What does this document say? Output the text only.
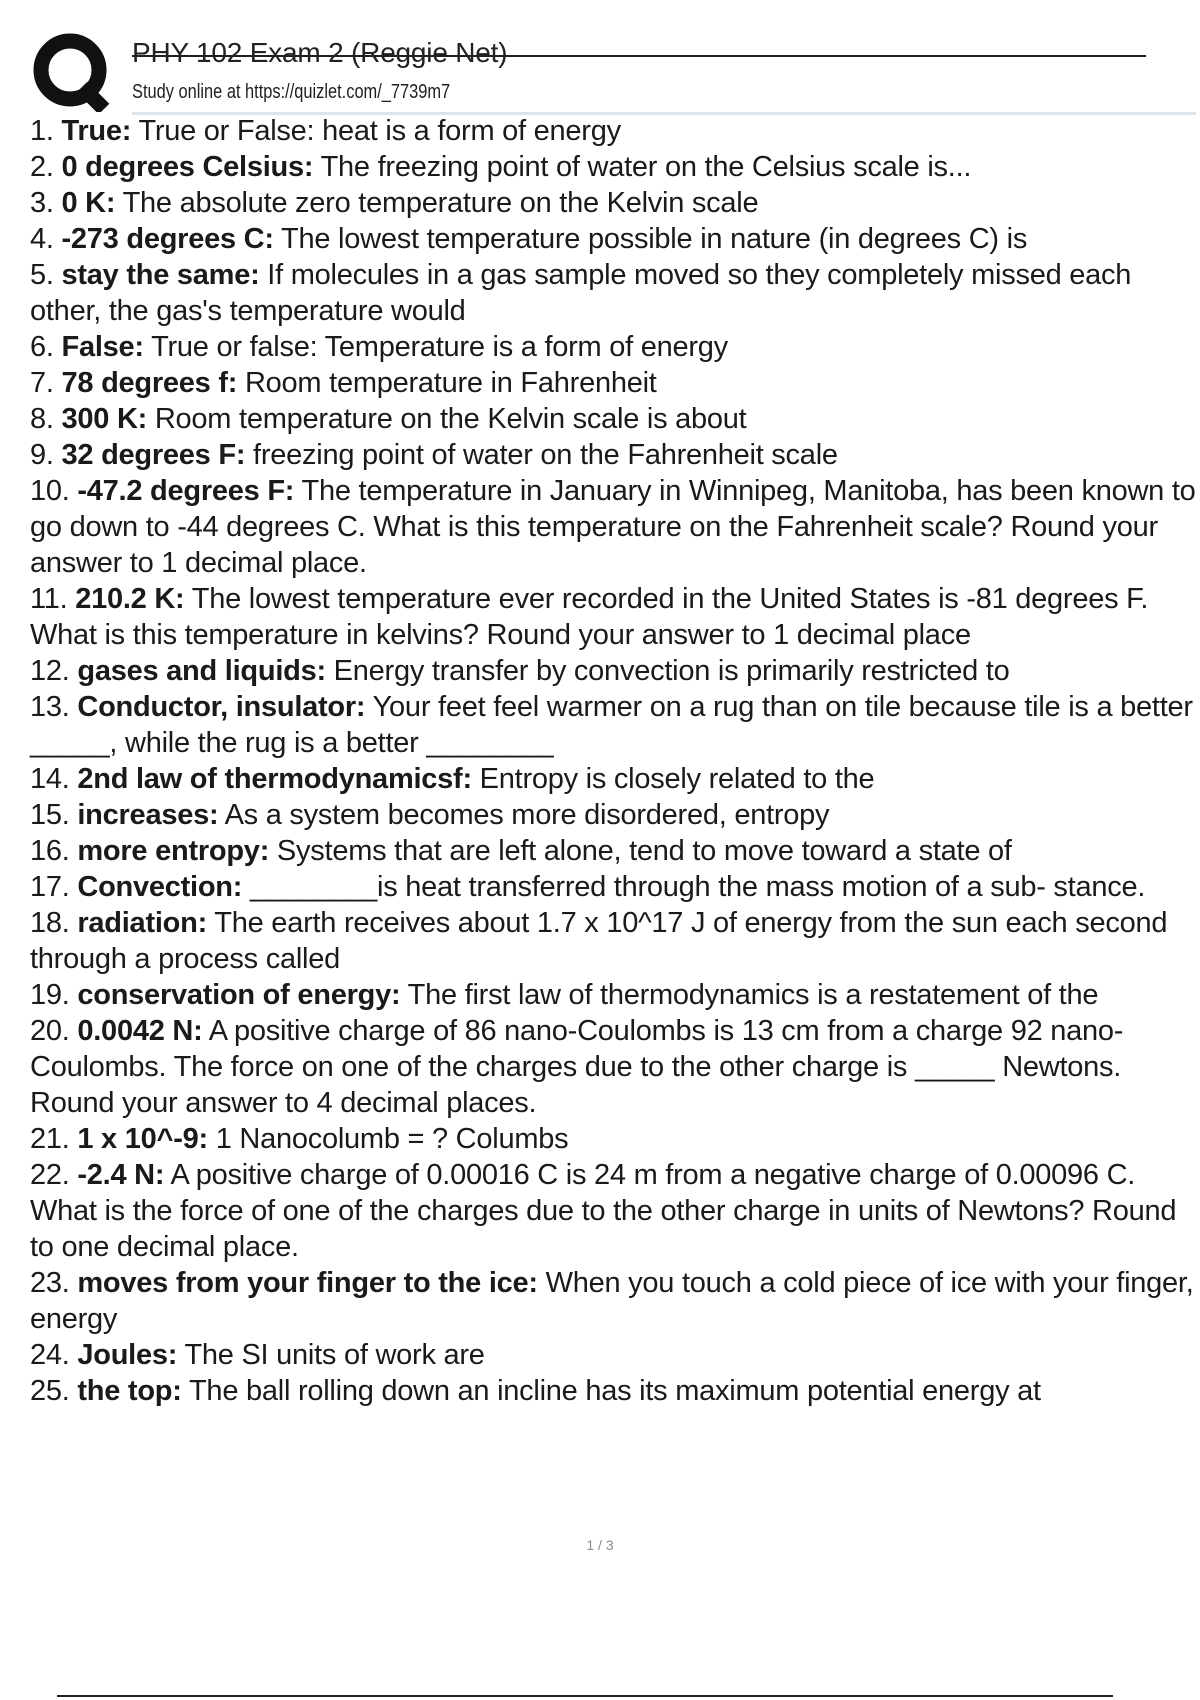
PHY 102 Exam 2 (Reggie Net)
Study online at https://quizlet.com/_7739m7
1. True: True or False: heat is a form of energy
2. 0 degrees Celsius: The freezing point of water on the Celsius scale is...
3. 0 K: The absolute zero temperature on the Kelvin scale
4. -273 degrees C: The lowest temperature possible in nature (in degrees C) is
5. stay the same: If molecules in a gas sample moved so they completely missed each other, the gas's temperature would
6. False: True or false: Temperature is a form of energy
7. 78 degrees f: Room temperature in Fahrenheit
8. 300 K: Room temperature on the Kelvin scale is about
9. 32 degrees F: freezing point of water on the Fahrenheit scale
10. -47.2 degrees F: The temperature in January in Winnipeg, Manitoba, has been known to go down to -44 degrees C. What is this temperature on the Fahrenheit scale? Round your answer to 1 decimal place.
11. 210.2 K: The lowest temperature ever recorded in the United States is -81 degrees F. What is this temperature in kelvins? Round your answer to 1 decimal place
12. gases and liquids: Energy transfer by convection is primarily restricted to
13. Conductor, insulator: Your feet feel warmer on a rug than on tile because tile is a better _____, while the rug is a better ________
14. 2nd law of thermodynamicsf: Entropy is closely related to the
15. increases: As a system becomes more disordered, entropy
16. more entropy: Systems that are left alone, tend to move toward a state of
17. Convection: ________is heat transferred through the mass motion of a sub- stance.
18. radiation: The earth receives about 1.7 x 10^17 J of energy from the sun each second through a process called
19. conservation of energy: The first law of thermodynamics is a restatement of the
20. 0.0042 N: A positive charge of 86 nano-Coulombs is 13 cm from a charge 92 nano-Coulombs. The force on one of the charges due to the other charge is _____ Newtons. Round your answer to 4 decimal places.
21. 1 x 10^-9: 1 Nanocolumb = ? Columbs
22. -2.4 N: A positive charge of 0.00016 C is 24 m from a negative charge of 0.00096 C. What is the force of one of the charges due to the other charge in units of Newtons? Round to one decimal place.
23. moves from your finger to the ice: When you touch a cold piece of ice with your finger, energy
24. Joules: The SI units of work are
25. the top: The ball rolling down an incline has its maximum potential energy at
1 / 3
